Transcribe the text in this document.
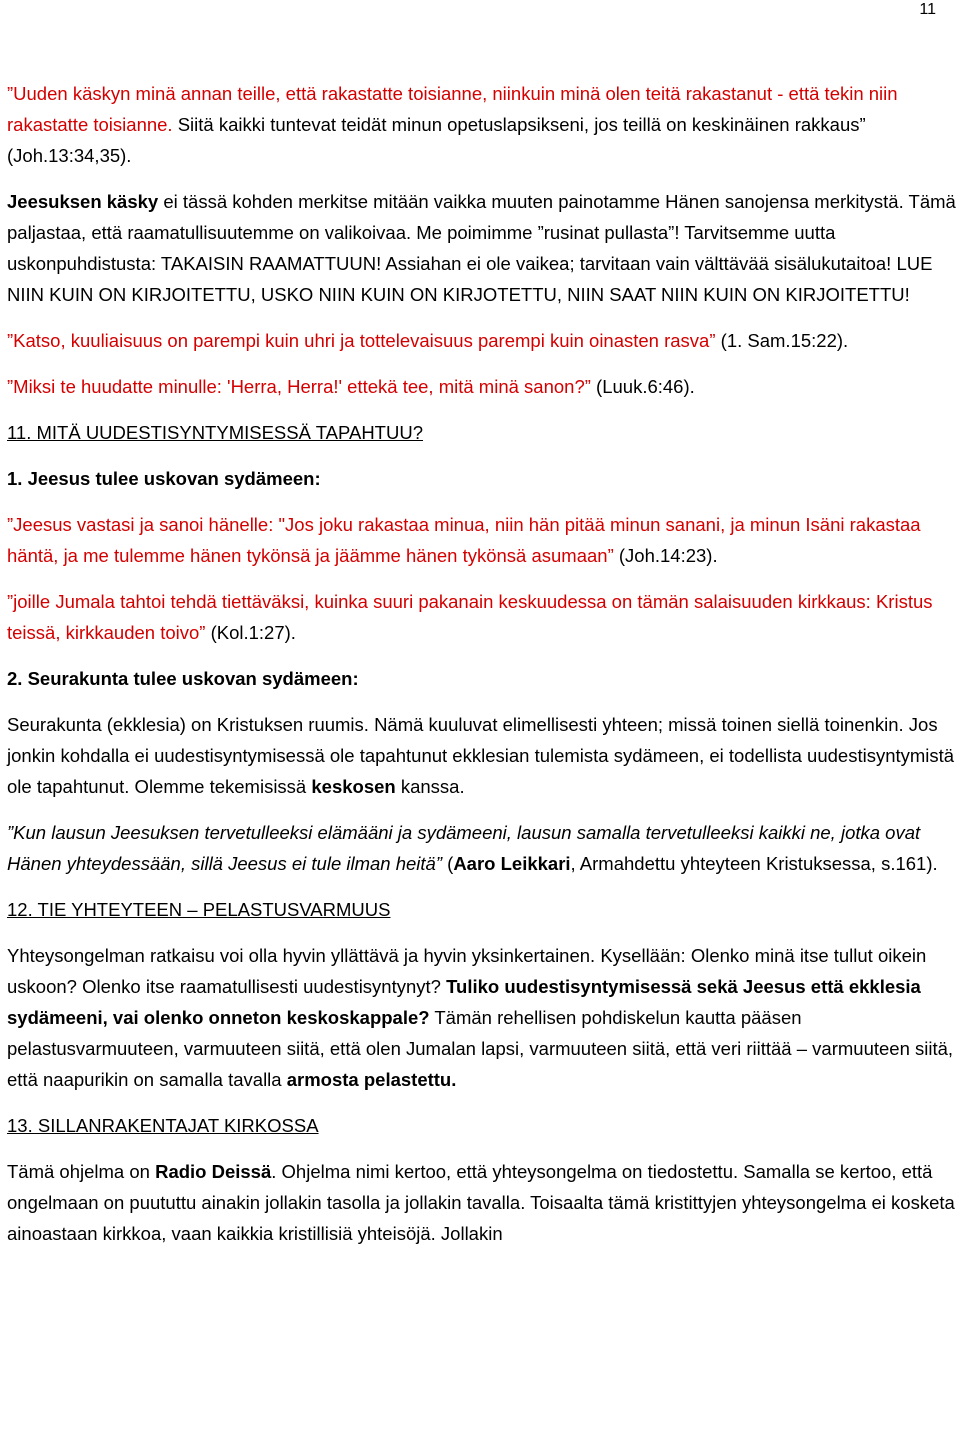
11

”Uuden käskyn minä annan teille, että rakastatte toisianne, niinkuin minä olen teitä rakastanut - että tekin niin rakastatte toisianne. Siitä kaikki tuntevat teidät minun opetuslapsikseni, jos teillä on keskinäinen rakkaus” (Joh.13:34,35).

Jeesuksen käsky ei tässä kohden merkitse mitään vaikka muuten painotamme Hänen sanojensa merkitystä. Tämä paljastaa, että raamatullisuutemme on valikoivaa. Me poimimme ”rusinat pullasta”! Tarvitsemme uutta uskonpuhdistusta: TAKAISIN RAAMATTUUN! Assiahan ei ole vaikea; tarvitaan vain välttävää sisälukutaitoa! LUE NIIN KUIN ON KIRJOITETTU, USKO NIIN KUIN ON KIRJOTETTU, NIIN SAAT NIIN KUIN ON KIRJOITETTU!

”Katso, kuuliaisuus on parempi kuin uhri ja tottelevaisuus parempi kuin oinasten rasva” (1. Sam.15:22).

”Miksi te huudatte minulle: 'Herra, Herra!' ettekä tee, mitä minä sanon?” (Luuk.6:46).

11. MITÄ UUDESTISYNTYMISESSÄ TAPAHTUU?

1. Jeesus tulee uskovan sydämeen:

”Jeesus vastasi ja sanoi hänelle: "Jos joku rakastaa minua, niin hän pitää minun sanani, ja minun Isäni rakastaa häntä, ja me tulemme hänen tykönsä ja jäämme hänen tykönsä asumaan” (Joh.14:23).

”joille Jumala tahtoi tehdä tiettäväksi, kuinka suuri pakanain keskuudessa on tämän salaisuuden kirkkaus: Kristus teissä, kirkkauden toivo” (Kol.1:27).

2. Seurakunta tulee uskovan sydämeen:

Seurakunta (ekklesia) on Kristuksen ruumis. Nämä kuuluvat elimellisesti yhteen; missä toinen siellä toinenkin. Jos jonkin kohdalla ei uudestisyntymisessä ole tapahtunut ekklesian tulemista sydämeen, ei todellista uudestisyntymistä ole tapahtunut. Olemme tekemisissä keskosen kanssa.

”Kun lausun Jeesuksen tervetulleeksi elämääni ja sydämeeni, lausun samalla tervetulleeksi kaikki ne, jotka ovat Hänen yhteydessään, sillä Jeesus ei tule ilman heitä” (Aaro Leikkari, Armahdettu yhteyteen Kristuksessa, s.161).

12. TIE YHTEYTEEN – PELASTUSVARMUUS

Yhteysongelman ratkaisu voi olla hyvin yllättävä ja hyvin yksinkertainen. Kysellään: Olenko minä itse tullut oikein uskoon? Olenko itse raamatullisesti uudestisyntynyt? Tuliko uudestisyntymisessä sekä Jeesus että ekklesia sydämeeni, vai olenko onneton keskoskappale? Tämän rehellisen pohdiskelun kautta pääsen pelastusvarmuuteen, varmuuteen siitä, että olen Jumalan lapsi, varmuuteen siitä, että veri riittää – varmuuteen siitä, että naapurikin on samalla tavalla armosta pelastettu.

13. SILLANRAKENTAJAT KIRKOSSA

Tämä ohjelma on Radio Deissä. Ohjelma nimi kertoo, että yhteysongelma on tiedostettu. Samalla se kertoo, että ongelmaan on puututtu ainakin jollakin tasolla ja jollakin tavalla. Toisaalta tämä kristittyjen yhteysongelma ei kosketa ainoastaan kirkkoa, vaan kaikkia kristillisiä yhteisöjä. Jollakin
